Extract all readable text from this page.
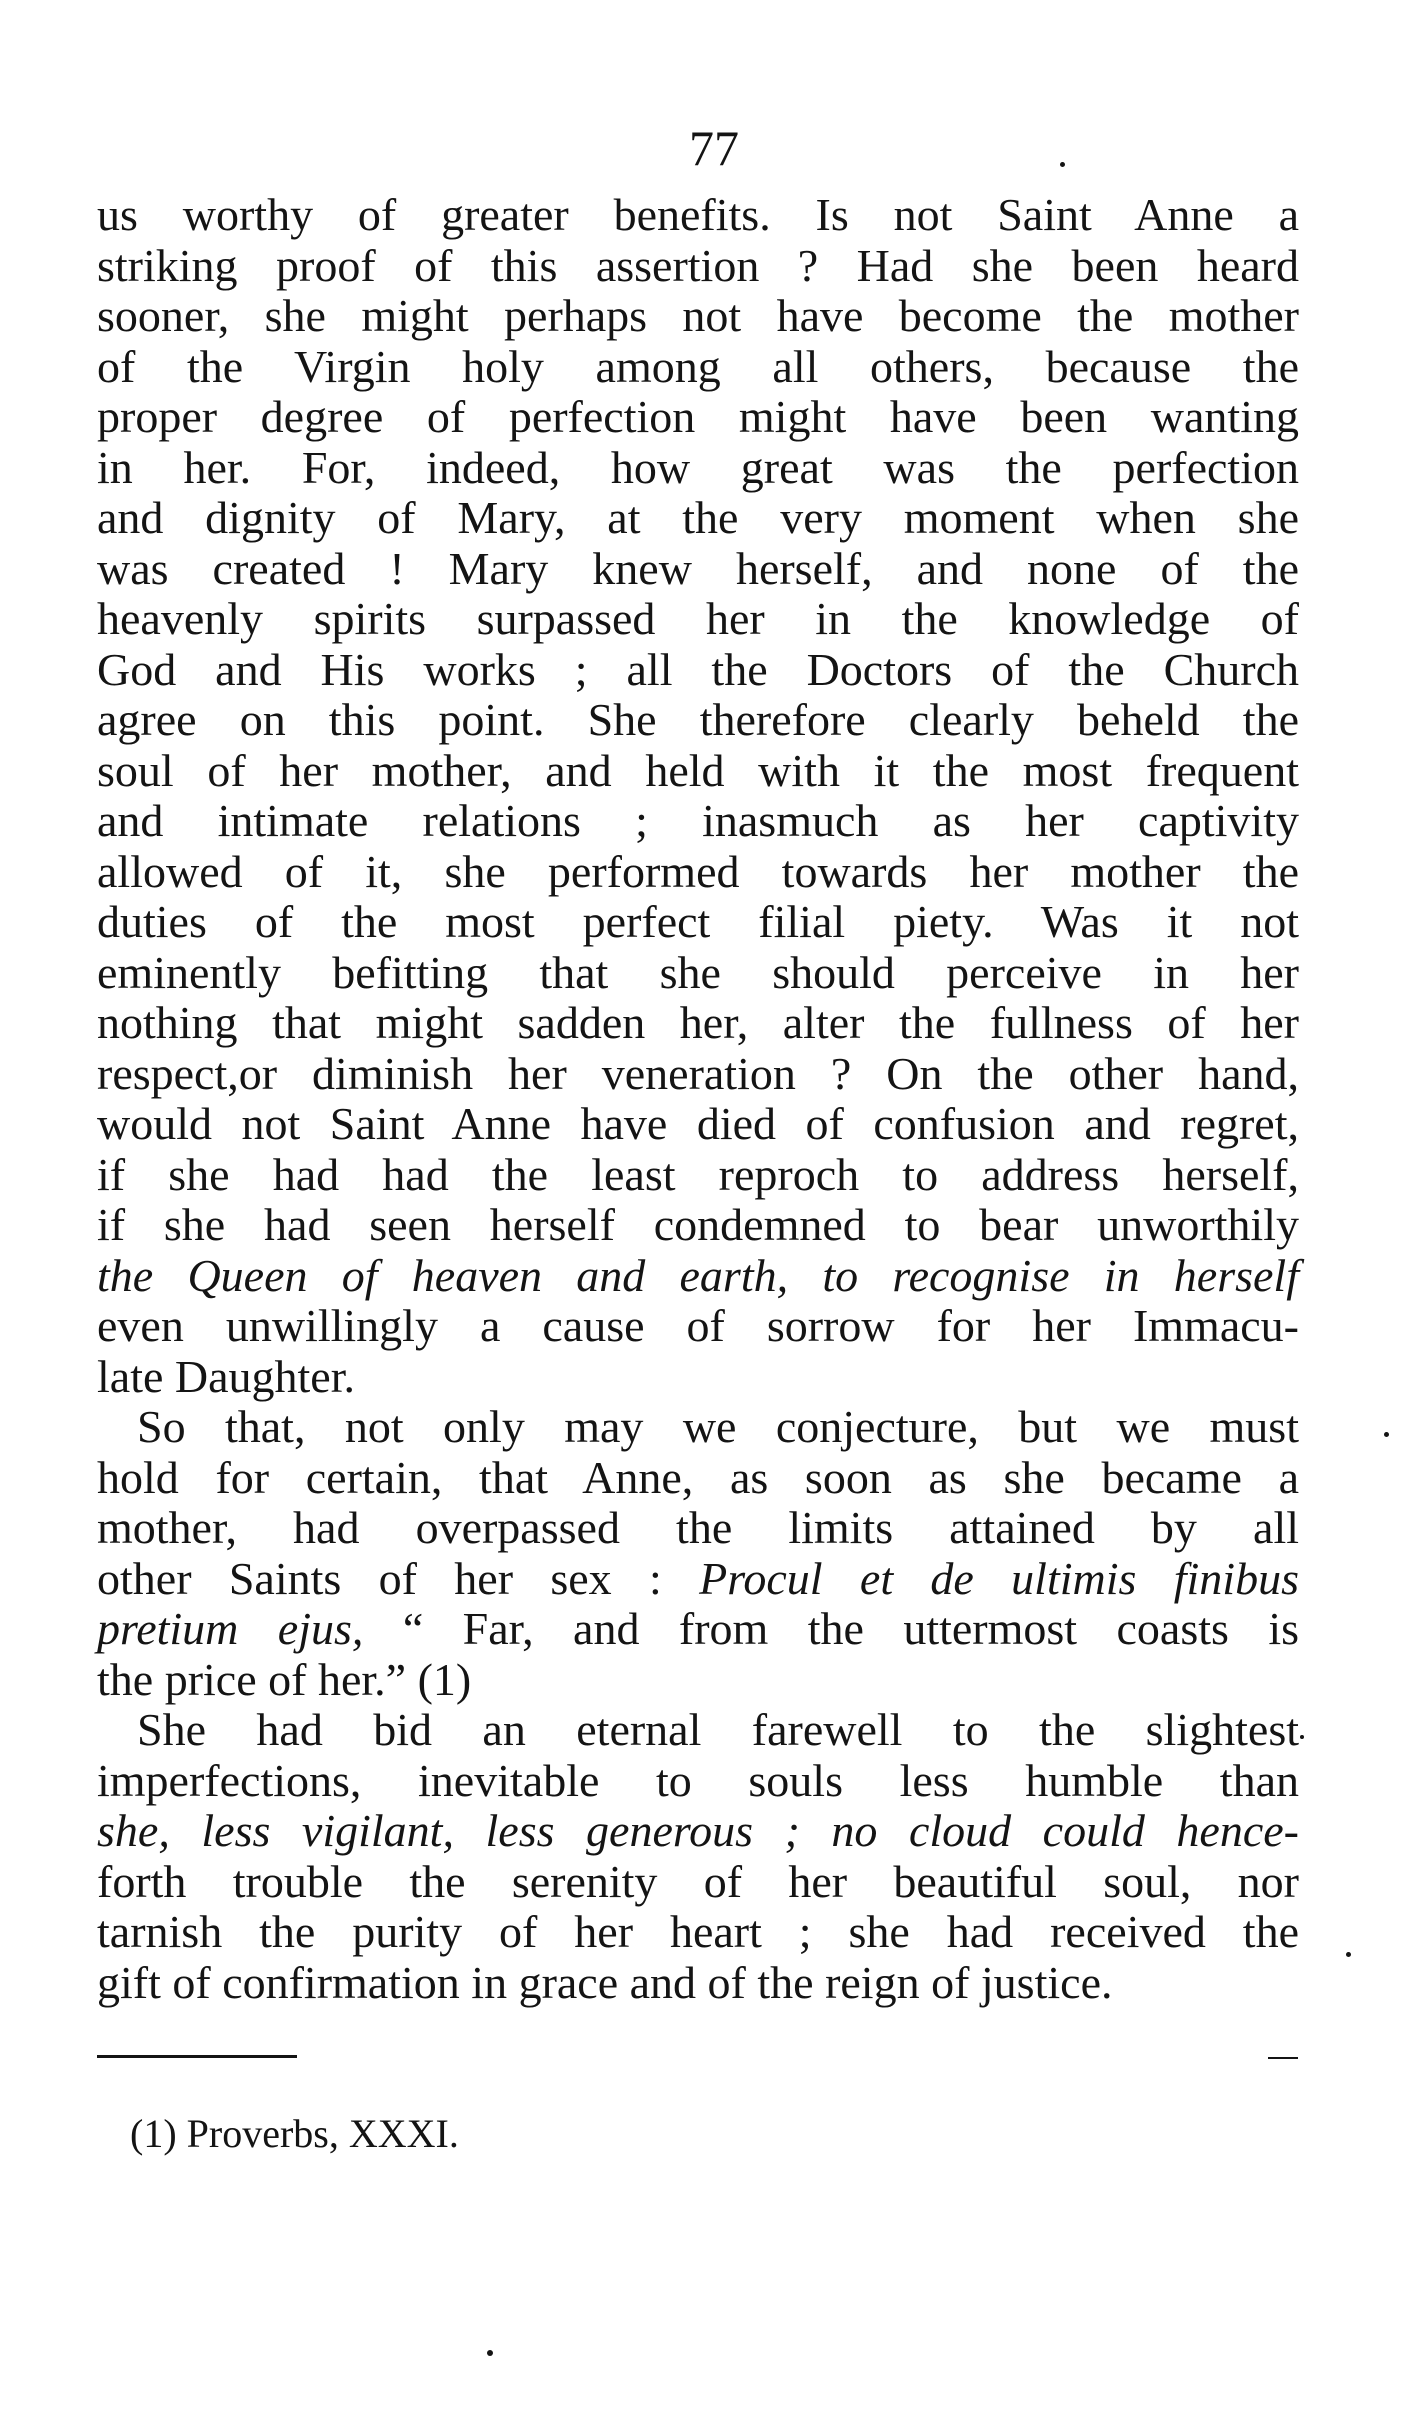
77
us worthy of greater benefits. Is not Saint Anne a
striking proof of this assertion ? Had she been heard
sooner, she might perhaps not have become the mother
of the Virgin holy among all others, because the
proper degree of perfection might have been wanting
in her. For, indeed, how great was the perfection
and dignity of Mary, at the very moment when she
was created ! Mary knew herself, and none of the
heavenly spirits surpassed her in the knowledge of
God and His works ; all the Doctors of the Church
agree on this point. She therefore clearly beheld the
soul of her mother, and held with it the most frequent
and intimate relations ; inasmuch as her captivity
allowed of it, she performed towards her mother the
duties of the most perfect filial piety. Was it not
eminently befitting that she should perceive in her
nothing that might sadden her, alter the fullness of her
respect,or diminish her veneration ? On the other hand,
would not Saint Anne have died of confusion and regret,
if she had had the least reproch to address herself,
if she had seen herself condemned to bear unworthily
the Queen of heaven and earth, to recognise in herself
even unwillingly a cause of sorrow for her Immacu-
late Daughter.
So that, not only may we conjecture, but we must
hold for certain, that Anne, as soon as she became a
mother, had overpassed the limits attained by all
other Saints of her sex : Procul et de ultimis finibus
pretium ejus, “ Far, and from the uttermost coasts is
the price of her.” (1)
She had bid an eternal farewell to the slightest
imperfections, inevitable to souls less humble than
she, less vigilant, less generous ; no cloud could hence-
forth trouble the serenity of her beautiful soul, nor
tarnish the purity of her heart ; she had received the
gift of confirmation in grace and of the reign of justice.
(1) Proverbs, XXXI.
